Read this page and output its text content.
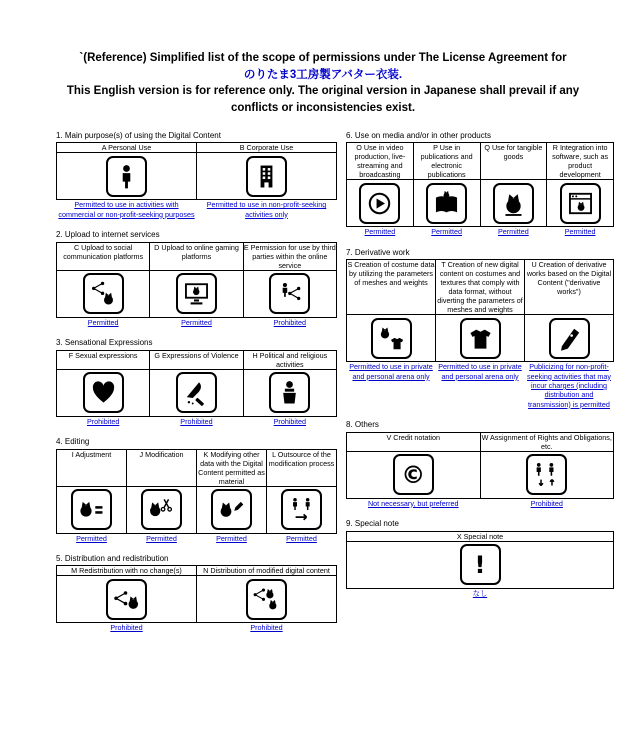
`(Reference) Simplified list of the scope of permissions under The License Agreement for
のりたま3工房製アバター衣装.
This English version is for reference only. The original version in Japanese shall prevail if any conflicts or inconsistencies exist.
1. Main purpose(s) of using the Digital Content
A Personal Use	B Corporate Use

Permitted to use in activities with commercial or non-profit-seeking purposes	Permitted to use in non-profit-seeking activities only
2. Upload to internet services
C Upload to social communication platforms	D Upload to online gaming platforms	E Permission for use by third parties within the online service

Permitted	Permitted	Prohibited
3. Sensational Expressions
F Sexual expressions	G Expressions of Violence	H Political and religious activities

Prohibited	Prohibited	Prohibited
4. Editing
I Adjustment	J Modification	K Modifying other data with the Digital Content permitted as material	L Outsource of the modification process

Permitted	Permitted	Permitted	Permitted
5. Distribution and redistribution
M Redistribution with no change(s)	N Distribution of modified digital content

Prohibited	Prohibited
6. Use on media and/or in other products
O Use in video production, live-streaming and broadcasting	P Use in publications and electronic publications	Q Use for tangible goods	R Integration into software, such as product development

Permitted	Permitted	Permitted	Permitted
7. Derivative work
S Creation of costume data by utilizing the parameters of meshes and weights	T Creation of new digital content on costumes and textures that comply with data format, without diverting the parameters of meshes and weights	U Creation of derivative works based on the Digital Content ("derivative works")

Permitted to use in private and personal arena only	Permitted to use in private and personal arena only	Publicizing for non-profit-seeking activities that may incur charges (including distribution and transmission) is permitted
8. Others
V Credit notation	W Assignment of Rights and Obligations, etc.
©	

Not necessary, but preferred	Prohibited
9. Special note
X Special note
!
なし
